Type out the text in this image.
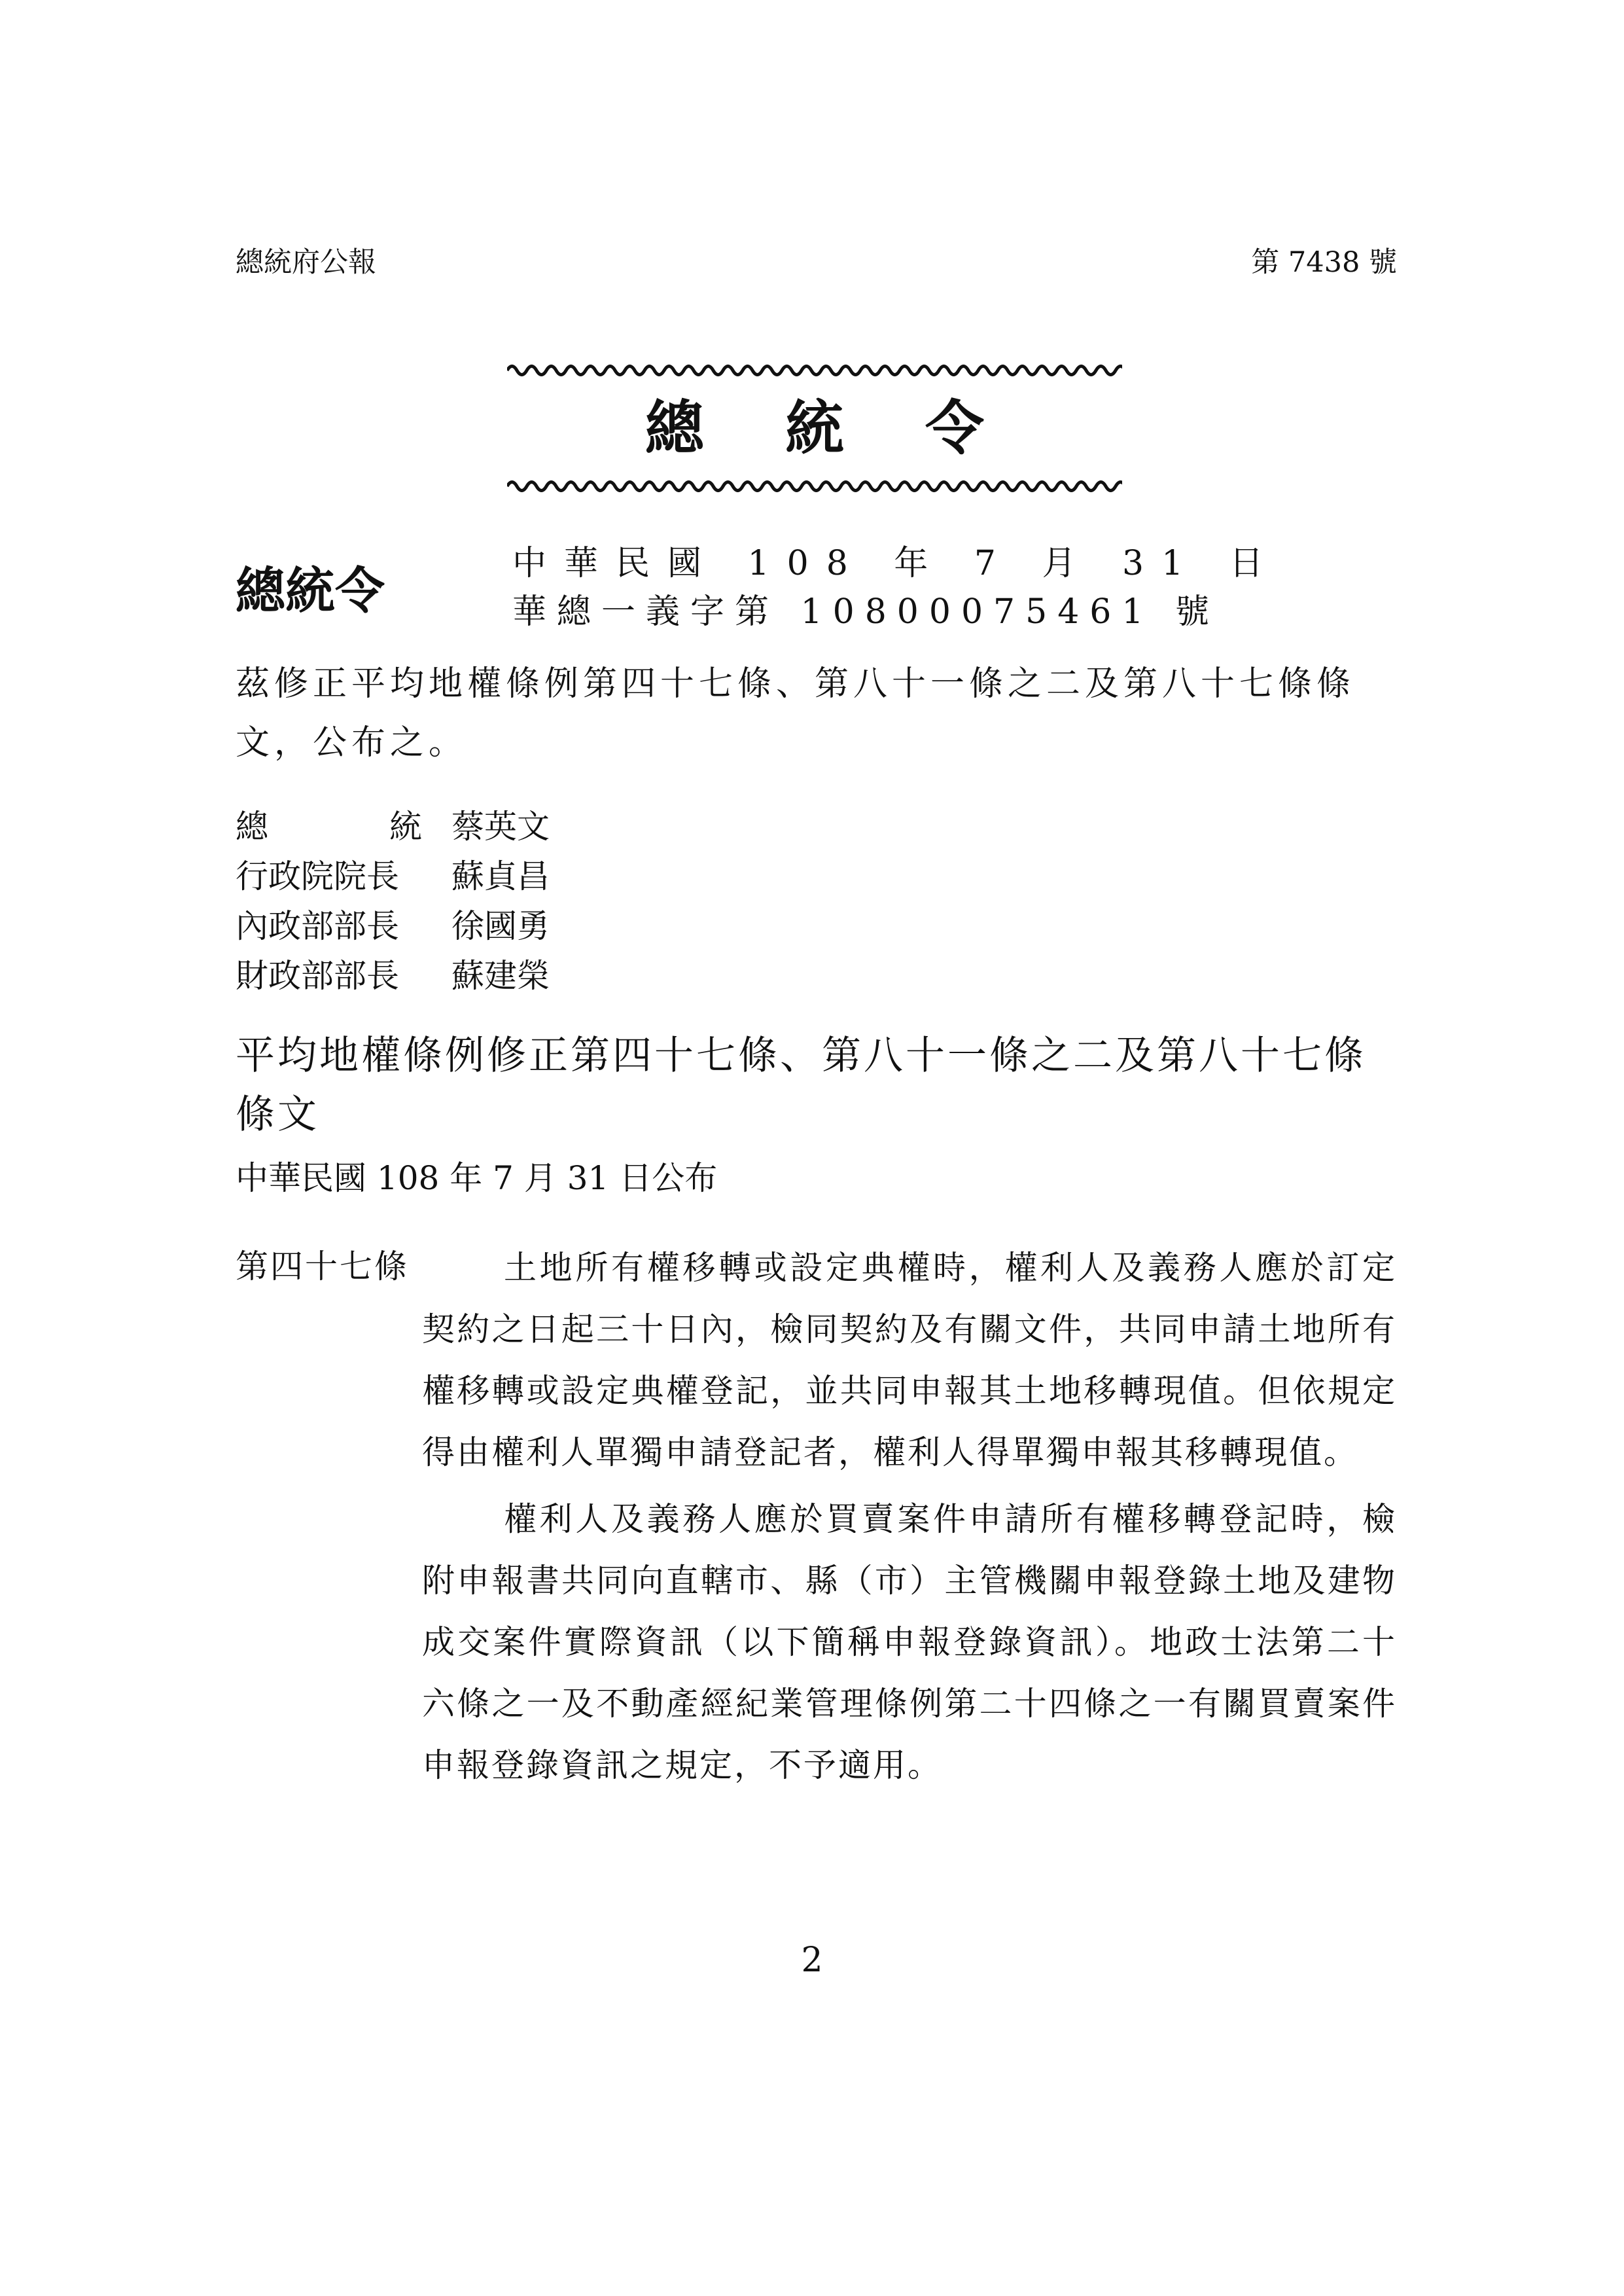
總統府公報	第 7438 號
總 統 令
總統令	中華民國 108 年 7 月 31 日
華總一義字第 10800075461 號
茲修正平均地權條例第四十七條、第八十一條之二及第八十七條條文，公布之。
總	統 蔡英文
行政院院長	蘇貞昌
內政部部長	徐國勇
財政部部長	蘇建榮
平均地權條例修正第四十七條、第八十一條之二及第八十七條條文
中華民國 108 年 7 月 31 日公布
第四十七條	土地所有權移轉或設定典權時，權利人及義務人應於訂定契約之日起三十日內，檢同契約及有關文件，共同申請土地所有權移轉或設定典權登記，並共同申報其土地移轉現值。但依規定得由權利人單獨申請登記者，權利人得單獨申報其移轉現值。

權利人及義務人應於買賣案件申請所有權移轉登記時，檢附申報書共同向直轄市、縣（市）主管機關申報登錄土地及建物成交案件實際資訊（以下簡稱申報登錄資訊）。地政士法第二十六條之一及不動產經紀業管理條例第二十四條之一有關買賣案件申報登錄資訊之規定，不予適用。

2
